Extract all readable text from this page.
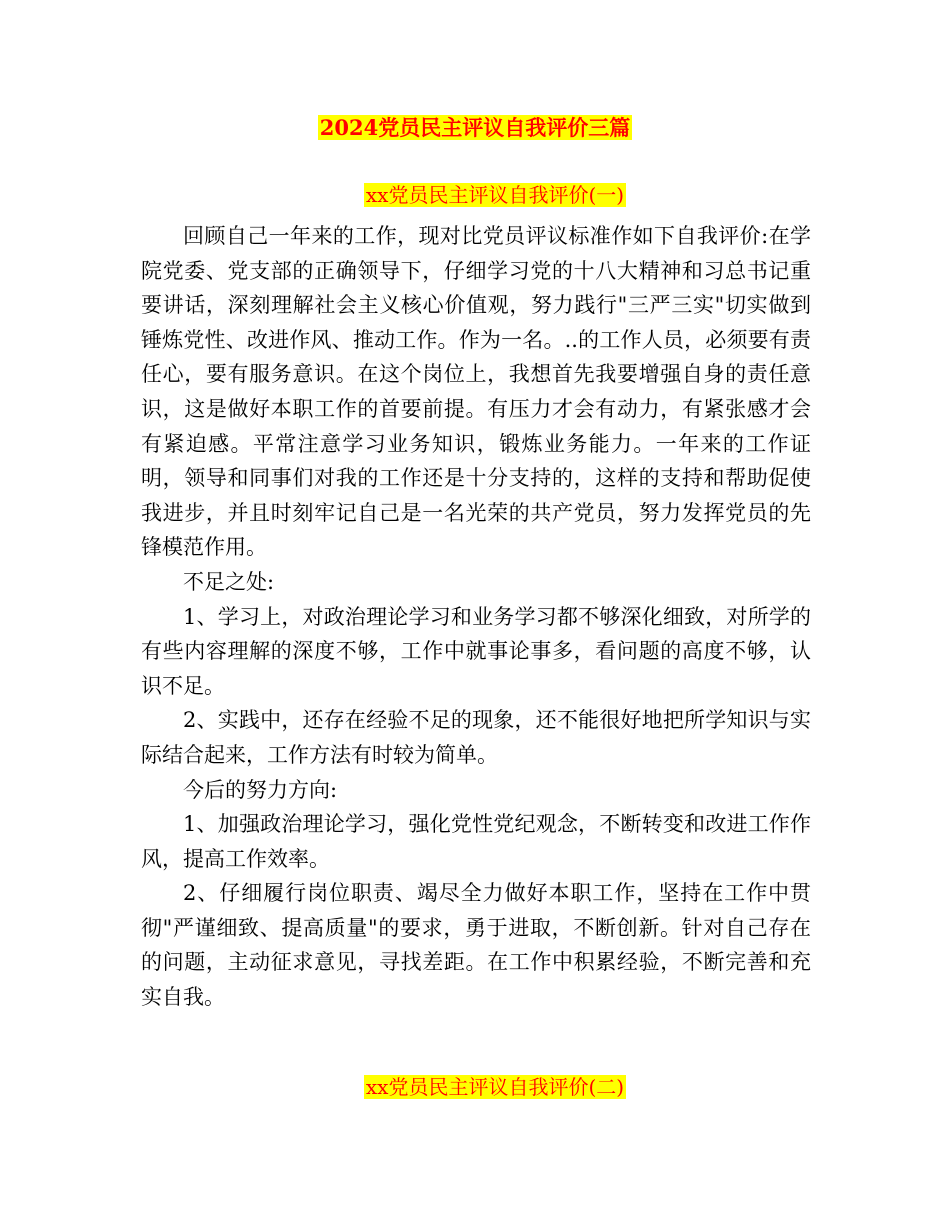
2024党员民主评议自我评价三篇
xx党员民主评议自我评价(一)

回顾自己一年来的工作，现对比党员评议标准作如下自我评价:在学院党委、党支部的正确领导下，仔细学习党的十八大精神和习总书记重要讲话，深刻理解社会主义核心价值观，努力践行"三严三实"切实做到锤炼党性、改进作风、推动工作。作为一名。..的工作人员，必须要有责任心，要有服务意识。在这个岗位上，我想首先我要增强自身的责任意识，这是做好本职工作的首要前提。有压力才会有动力，有紧张感才会有紧迫感。平常注意学习业务知识，锻炼业务能力。一年来的工作证明，领导和同事们对我的工作还是十分支持的，这样的支持和帮助促使我进步，并且时刻牢记自己是一名光荣的共产党员，努力发挥党员的先锋模范作用。

不足之处:

1、学习上，对政治理论学习和业务学习都不够深化细致，对所学的有些内容理解的深度不够，工作中就事论事多，看问题的高度不够，认识不足。

2、实践中，还存在经验不足的现象，还不能很好地把所学知识与实际结合起来，工作方法有时较为简单。

今后的努力方向:

1、加强政治理论学习，强化党性党纪观念，不断转变和改进工作作风，提高工作效率。

2、仔细履行岗位职责、竭尽全力做好本职工作，坚持在工作中贯彻"严谨细致、提高质量"的要求，勇于进取，不断创新。针对自己存在的问题，主动征求意见，寻找差距。在工作中积累经验，不断完善和充实自我。

xx党员民主评议自我评价(二)
